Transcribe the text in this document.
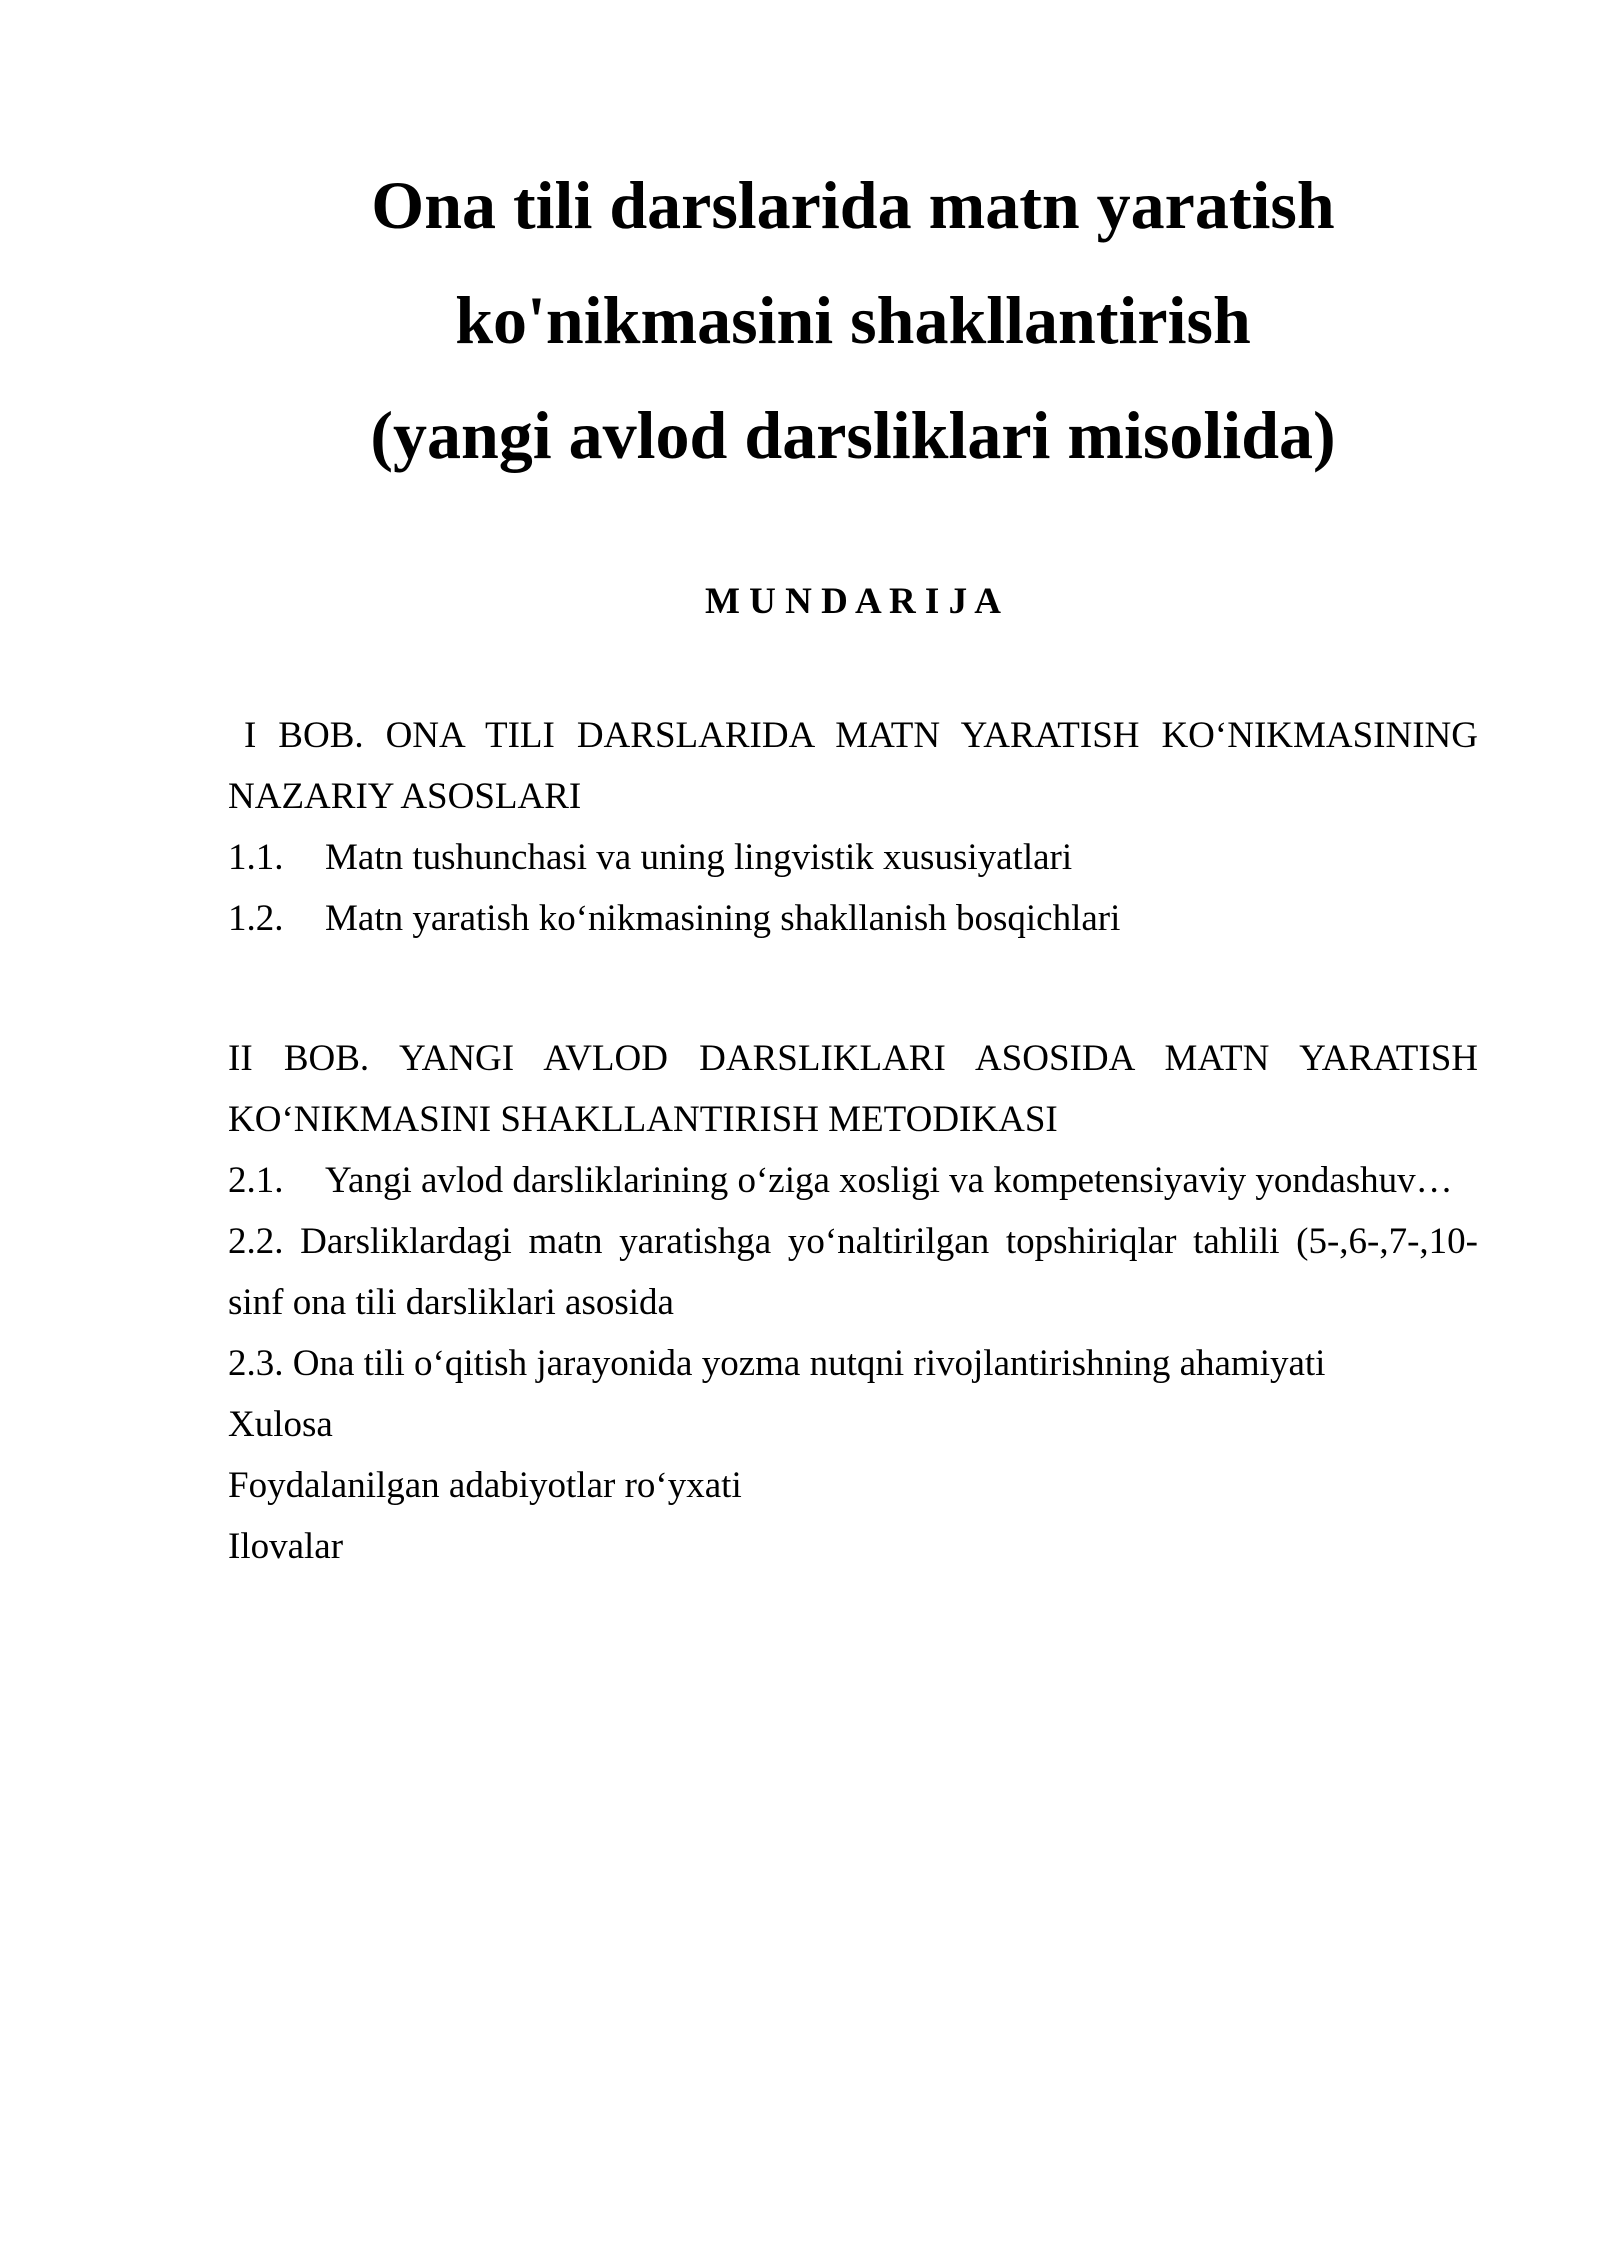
Ona tili darslarida matn yaratish
ko'nikmasini shakllantirish
(yangi avlod darsliklari misolida)
M U N D A R I J A

I BOB. ONA TILI DARSLARIDA MATN YARATISH KO‘NIKMASINING

NAZARIY ASOSLARI

1.1. Matn tushunchasi va uning lingvistik xususiyatlari

1.2. Matn yaratish ko‘nikmasining shakllanish bosqichlari

II BOB. YANGI AVLOD DARSLIKLARI ASOSIDA MATN YARATISH

KO‘NIKMASINI SHAKLLANTIRISH METODIKASI

2.1. Yangi avlod darsliklarining o‘ziga xosligi va kompetensiyaviy yondashuv…

2.2. Darsliklardagi matn yaratishga yo‘naltirilgan topshiriqlar tahlili (5-,6-,7-,10-

sinf ona tili darsliklari asosida

2.3. Ona tili o‘qitish jarayonida yozma nutqni rivojlantirishning ahamiyati

Xulosa

Foydalanilgan adabiyotlar ro‘yxati

Ilovalar
